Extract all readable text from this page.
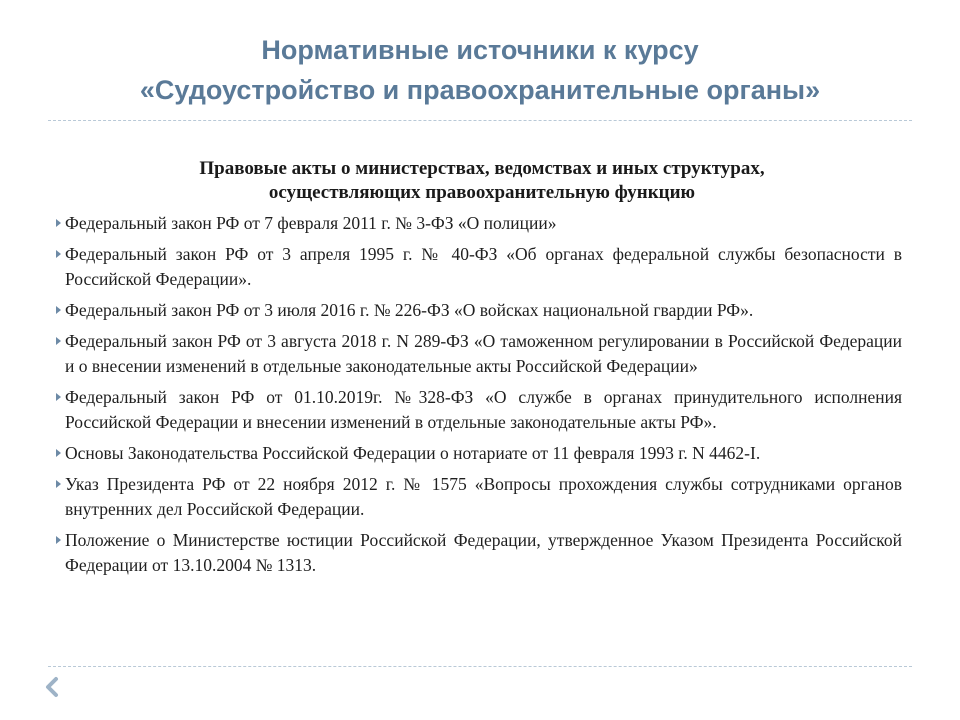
Нормативные источники к курсу
«Судоустройство и правоохранительные органы»
Правовые акты о министерствах, ведомствах и иных структурах,
осуществляющих правоохранительную функцию
Федеральный закон РФ от 7 февраля 2011 г. № 3-ФЗ «О полиции»
Федеральный закон РФ от 3 апреля 1995 г. № 40-ФЗ «Об органах федеральной службы безопасности в Российской Федерации».
Федеральный закон РФ от 3 июля 2016 г. № 226-ФЗ «О войсках национальной гвардии РФ».
Федеральный закон РФ от 3 августа 2018 г. N 289-ФЗ «О таможенном регулировании в Российской Федерации и о внесении изменений в отдельные законодательные акты Российской Федерации»
Федеральный закон РФ от 01.10.2019г. №328-ФЗ «О службе в органах принудительного исполнения Российской Федерации и внесении изменений в отдельные законодательные акты РФ».
Основы Законодательства Российской Федерации о нотариате от 11 февраля 1993 г. N 4462-I.
Указ Президента РФ от 22 ноября 2012 г. № 1575 «Вопросы прохождения службы сотрудниками органов внутренних дел Российской Федерации.
Положение о Министерстве юстиции Российской Федерации, утвержденное Указом Президента Российской Федерации от 13.10.2004 № 1313.
